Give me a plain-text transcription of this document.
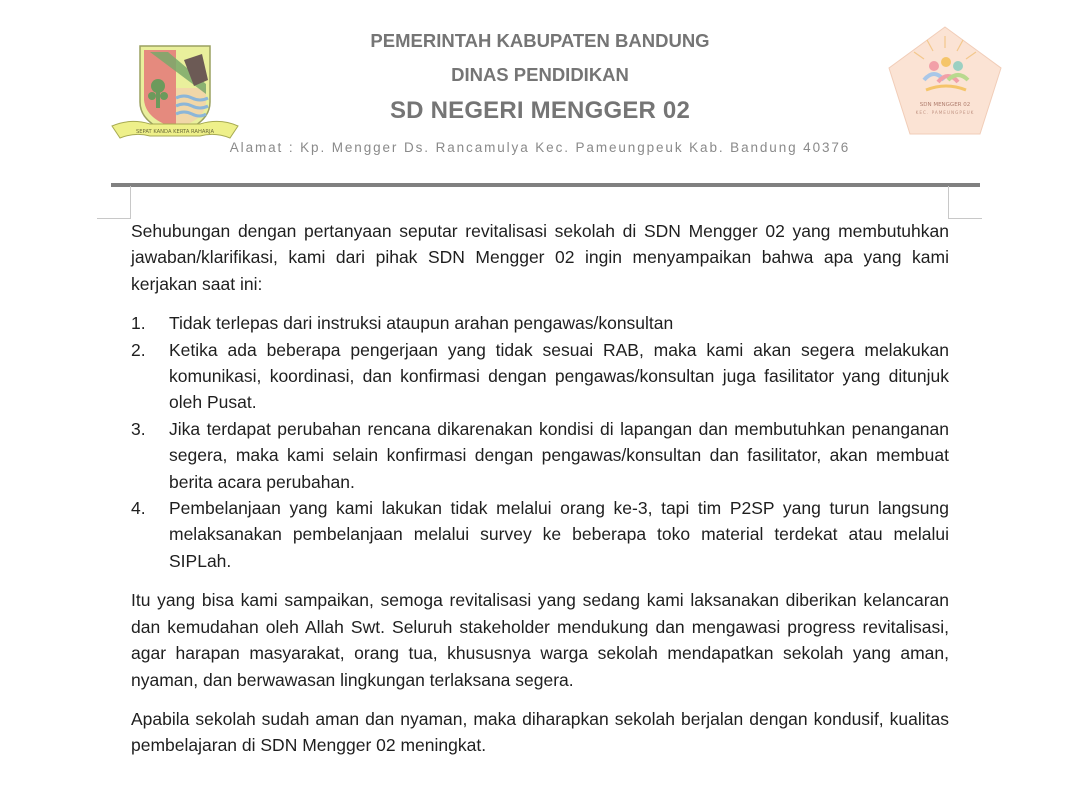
SEPAT KANDA KERTA RAHARJA
PEMERINTAH KABUPATEN BANDUNG
DINAS PENDIDIKAN
SD NEGERI MENGGER 02
Alamat : Kp. Mengger Ds. Rancamulya Kec. Pameungpeuk Kab. Bandung 40376
SDN MENGGER 02
KEC. PAMEUNGPEUK

Sehubungan dengan pertanyaan seputar revitalisasi sekolah di SDN Mengger 02 yang membutuhkan jawaban/klarifikasi, kami dari pihak SDN Mengger 02 ingin menyampaikan bahwa apa yang kami kerjakan saat ini:

1. Tidak terlepas dari instruksi ataupun arahan pengawas/konsultan
2. Ketika ada beberapa pengerjaan yang tidak sesuai RAB, maka kami akan segera melakukan komunikasi, koordinasi, dan konfirmasi dengan pengawas/konsultan juga fasilitator yang ditunjuk oleh Pusat.
3. Jika terdapat perubahan rencana dikarenakan kondisi di lapangan dan membutuhkan penanganan segera, maka kami selain konfirmasi dengan pengawas/konsultan dan fasilitator, akan membuat berita acara perubahan.
4. Pembelanjaan yang kami lakukan tidak melalui orang ke-3, tapi tim P2SP yang turun langsung melaksanakan pembelanjaan melalui survey ke beberapa toko material terdekat atau melalui SIPLah.

Itu yang bisa kami sampaikan, semoga revitalisasi yang sedang kami laksanakan diberikan kelancaran dan kemudahan oleh Allah Swt. Seluruh stakeholder mendukung dan mengawasi progress revitalisasi, agar harapan masyarakat, orang tua, khususnya warga sekolah mendapatkan sekolah yang aman, nyaman, dan berwawasan lingkungan terlaksana segera.

Apabila sekolah sudah aman dan nyaman, maka diharapkan sekolah berjalan dengan kondusif, kualitas pembelajaran di SDN Mengger 02 meningkat.
